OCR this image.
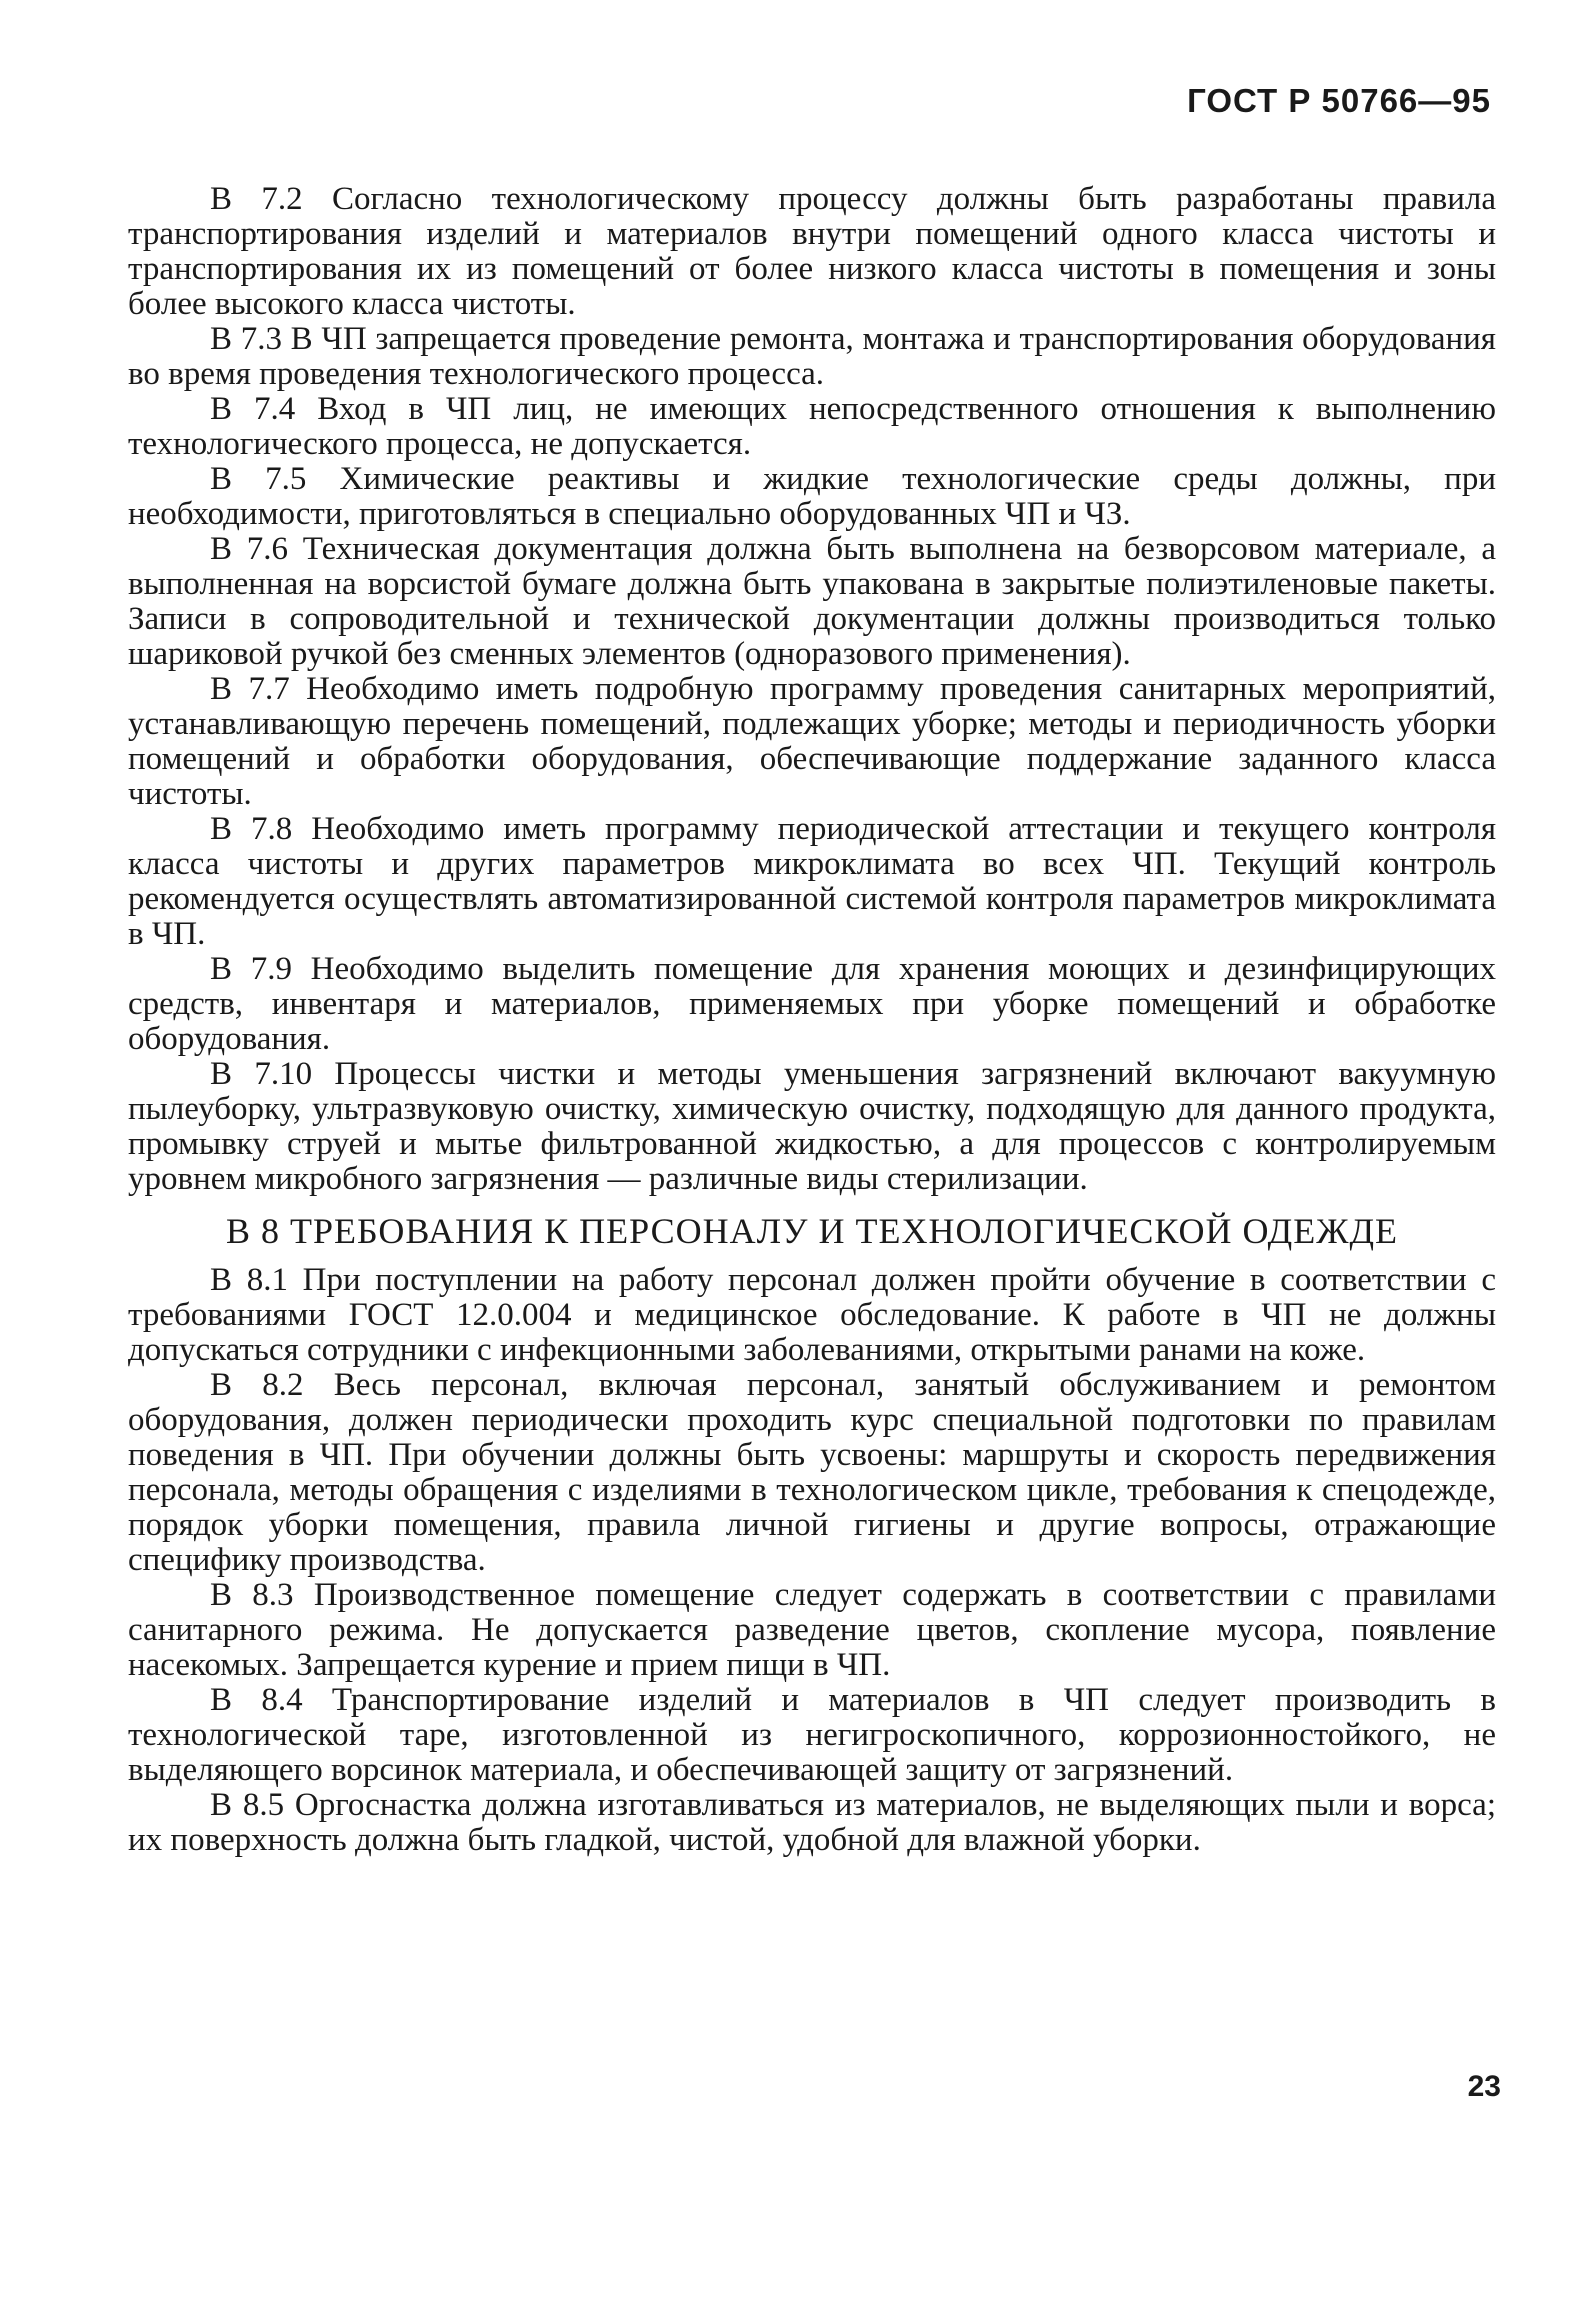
ГОСТ Р 50766—95

В 7.2 Согласно технологическому процессу должны быть разработаны правила транспортирования изделий и материалов внутри помещений одного класса чистоты и транспортирования их из помещений от более низкого класса чистоты в помещения и зоны более высокого класса чистоты.

В 7.3 В ЧП запрещается проведение ремонта, монтажа и транспортирования оборудования во время проведения технологического процесса.

В 7.4 Вход в ЧП лиц, не имеющих непосредственного отношения к выполнению технологического процесса, не допускается.

В 7.5 Химические реактивы и жидкие технологические среды должны, при необходимости, приготовляться в специально оборудованных ЧП и ЧЗ.

В 7.6 Техническая документация должна быть выполнена на безворсовом материале, а выполненная на ворсистой бумаге должна быть упакована в закрытые полиэтиленовые пакеты. Записи в сопроводительной и технической документации должны производиться только шариковой ручкой без сменных элементов (одноразового применения).

В 7.7 Необходимо иметь подробную программу проведения санитарных мероприятий, устанавливающую перечень помещений, подлежащих уборке; методы и периодичность уборки помещений и обработки оборудования, обеспечивающие поддержание заданного класса чистоты.

В 7.8 Необходимо иметь программу периодической аттестации и текущего контроля класса чистоты и других параметров микроклимата во всех ЧП. Текущий контроль рекомендуется осуществлять автоматизированной системой контроля параметров микроклимата в ЧП.

В 7.9 Необходимо выделить помещение для хранения моющих и дезинфицирующих средств, инвентаря и материалов, применяемых при уборке помещений и обработке оборудования.

В 7.10 Процессы чистки и методы уменьшения загрязнений включают вакуумную пылеуборку, ультразвуковую очистку, химическую очистку, подходящую для данного продукта, промывку струей и мытье фильтрованной жидкостью, а для процессов с контролируемым уровнем микробного загрязнения — различные виды стерилизации.

В 8 ТРЕБОВАНИЯ К ПЕРСОНАЛУ И ТЕХНОЛОГИЧЕСКОЙ ОДЕЖДЕ

В 8.1 При поступлении на работу персонал должен пройти обучение в соответствии с требованиями ГОСТ 12.0.004 и медицинское обследование. К работе в ЧП не должны допускаться сотрудники с инфекционными заболеваниями, открытыми ранами на коже.

В 8.2 Весь персонал, включая персонал, занятый обслуживанием и ремонтом оборудования, должен периодически проходить курс специальной подготовки по правилам поведения в ЧП. При обучении должны быть усвоены: маршруты и скорость передвижения персонала, методы обращения с изделиями в технологическом цикле, требования к спецодежде, порядок уборки помещения, правила личной гигиены и другие вопросы, отражающие специфику производства.

В 8.3 Производственное помещение следует содержать в соответствии с правилами санитарного режима. Не допускается разведение цветов, скопление мусора, появление насекомых. Запрещается курение и прием пищи в ЧП.

В 8.4 Транспортирование изделий и материалов в ЧП следует производить в технологической таре, изготовленной из негигроскопичного, коррозионностойкого, не выделяющего ворсинок материала, и обеспечивающей защиту от загрязнений.

В 8.5 Оргоснастка должна изготавливаться из материалов, не выделяющих пыли и ворса; их поверхность должна быть гладкой, чистой, удобной для влажной уборки.

23
